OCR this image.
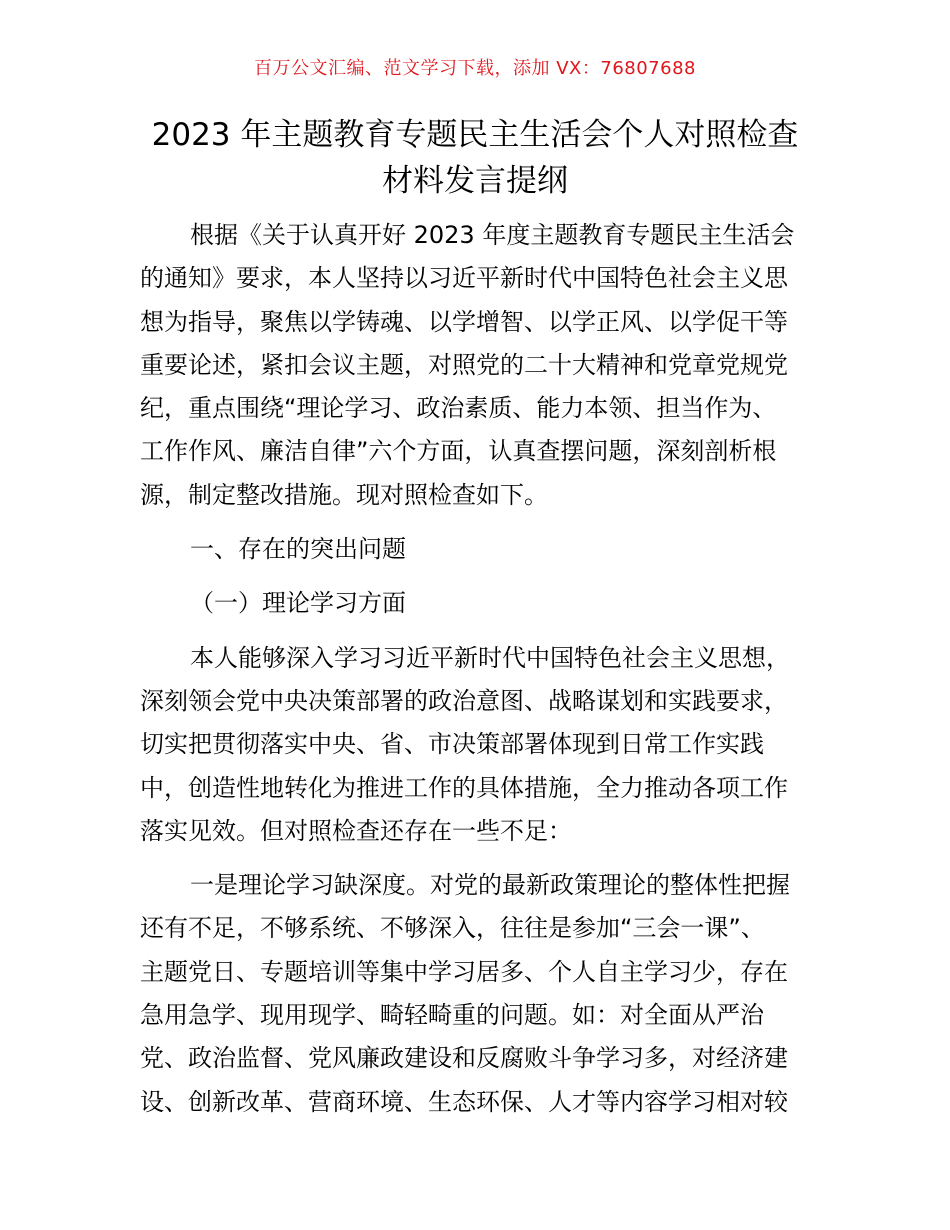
百万公文汇编、范文学习下载，添加 VX：76807688
2023 年主题教育专题民主生活会个人对照检查
材料发言提纲
根据《关于认真开好 2023 年度主题教育专题民主生活会
的通知》要求，本人坚持以习近平新时代中国特色社会主义思
想为指导，聚焦以学铸魂、以学增智、以学正风、以学促干等
重要论述，紧扣会议主题，对照党的二十大精神和党章党规党
纪，重点围绕“理论学习、政治素质、能力本领、担当作为、
工作作风、廉洁自律”六个方面，认真查摆问题，深刻剖析根
源，制定整改措施。现对照检查如下。
一、存在的突出问题
（一）理论学习方面
本人能够深入学习习近平新时代中国特色社会主义思想，
深刻领会党中央决策部署的政治意图、战略谋划和实践要求，
切实把贯彻落实中央、省、市决策部署体现到日常工作实践
中，创造性地转化为推进工作的具体措施，全力推动各项工作
落实见效。但对照检查还存在一些不足：
一是理论学习缺深度。对党的最新政策理论的整体性把握
还有不足，不够系统、不够深入，往往是参加“三会一课”、
主题党日、专题培训等集中学习居多、个人自主学习少，存在
急用急学、现用现学、畸轻畸重的问题。如：对全面从严治
党、政治监督、党风廉政建设和反腐败斗争学习多，对经济建
设、创新改革、营商环境、生态环保、人才等内容学习相对较
